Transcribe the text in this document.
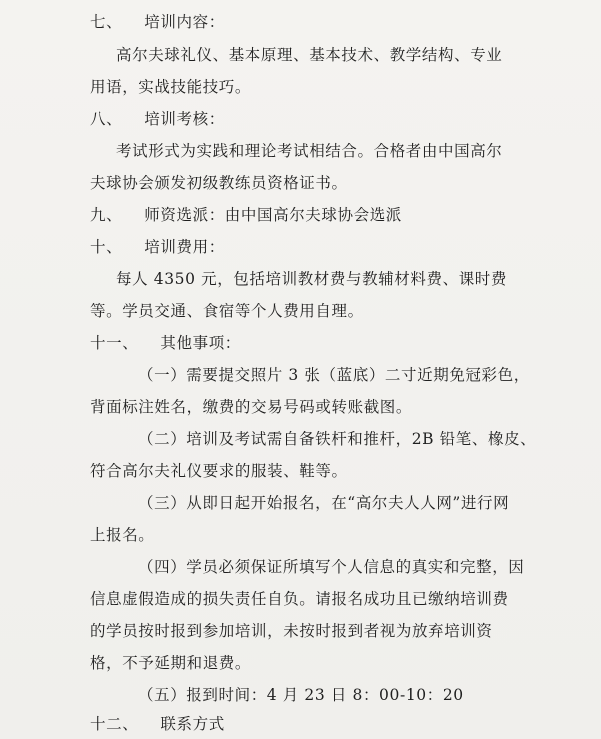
七、    培训内容：
高尔夫球礼仪、基本原理、基本技术、教学结构、专业
用语，实战技能技巧。
八、    培训考核：
考试形式为实践和理论考试相结合。合格者由中国高尔
夫球协会颁发初级教练员资格证书。
九、    师资选派：由中国高尔夫球协会选派
十、    培训费用：
每人 4350 元，包括培训教材费与教辅材料费、课时费
等。学员交通、食宿等个人费用自理。
十一、    其他事项：
（一）需要提交照片 3 张（蓝底）二寸近期免冠彩色，
背面标注姓名，缴费的交易号码或转账截图。
（二）培训及考试需自备铁杆和推杆，2B 铅笔、橡皮、
符合高尔夫礼仪要求的服装、鞋等。
（三）从即日起开始报名，在“高尔夫人人网”进行网
上报名。
（四）学员必须保证所填写个人信息的真实和完整，因
信息虚假造成的损失责任自负。请报名成功且已缴纳培训费
的学员按时报到参加培训，未按时报到者视为放弃培训资
格，不予延期和退费。
（五）报到时间：4 月 23 日 8：00-10：20
十二、    联系方式
